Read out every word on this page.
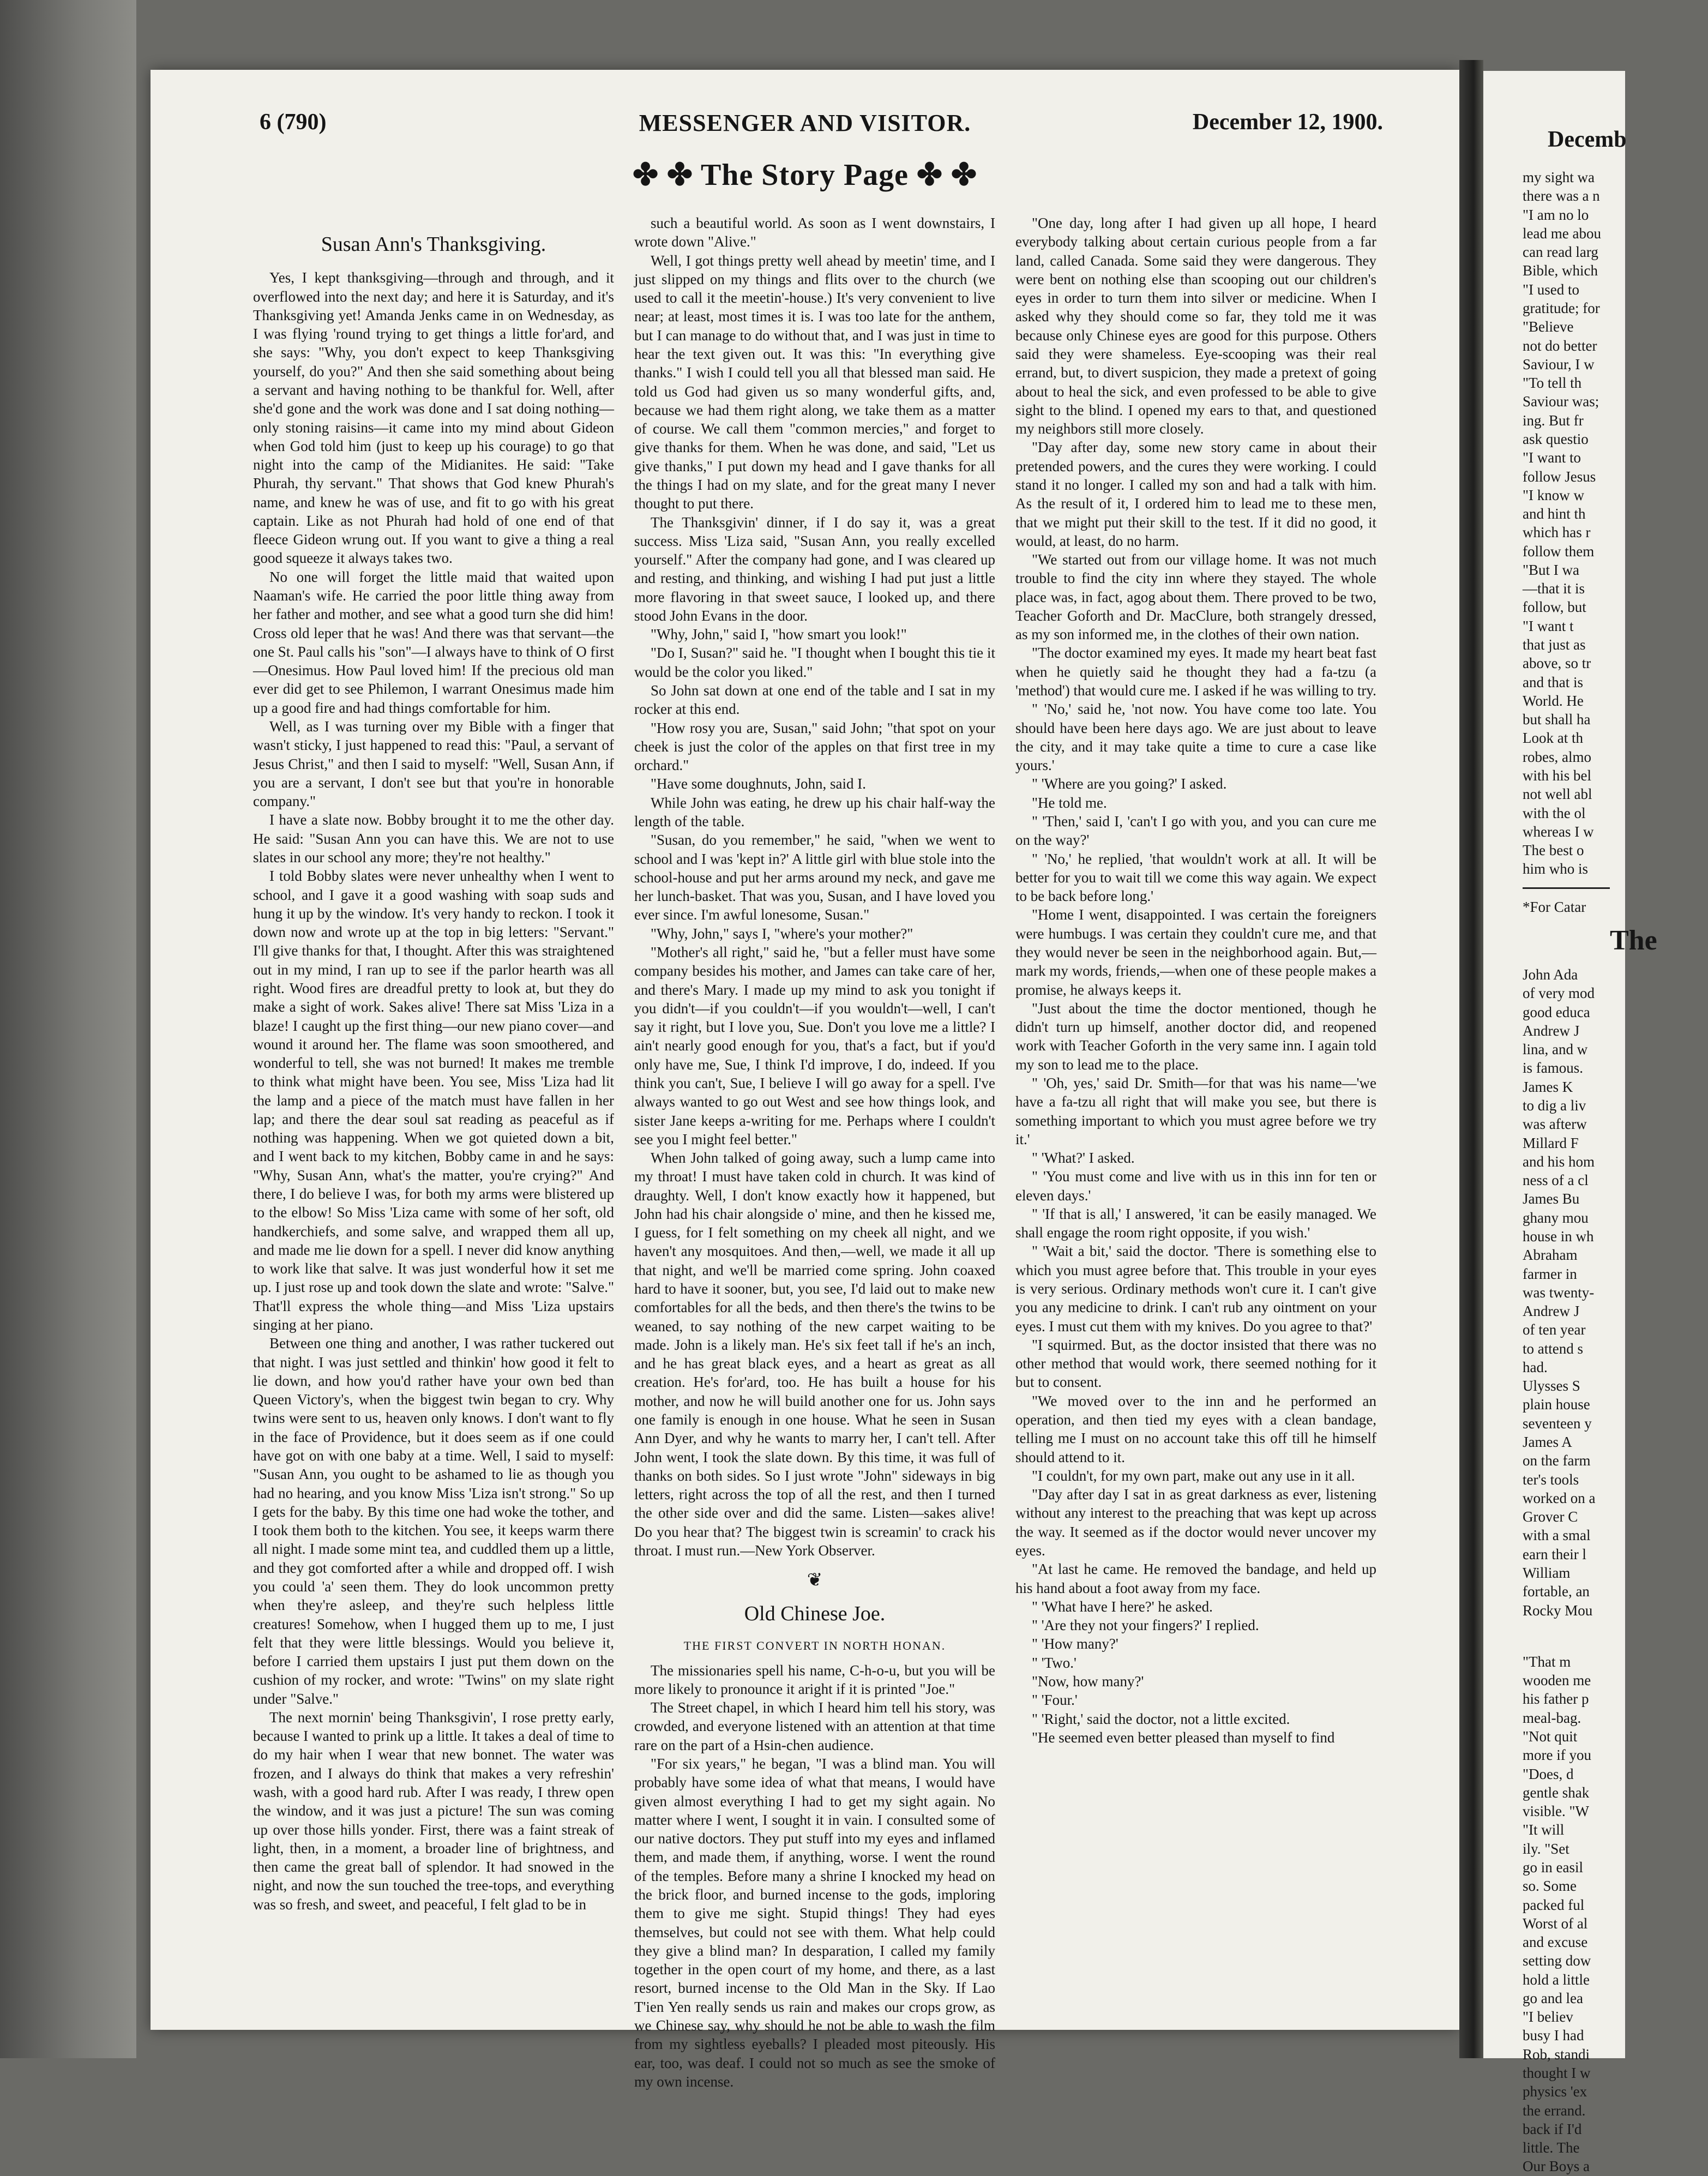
6 (790)	MESSENGER AND VISITOR.	December 12, 1900.
✤ ✤ The Story Page ✤ ✤
Susan Ann's Thanksgiving.

Yes, I kept thanksgiving—through and through, and it overflowed into the next day; and here it is Saturday, and it's Thanksgiving yet! Amanda Jenks came in on Wednesday, as I was flying 'round trying to get things a little for'ard, and she says: "Why, you don't expect to keep Thanksgiving yourself, do you?" And then she said something about being a servant and having nothing to be thankful for. Well, after she'd gone and the work was done and I sat doing nothing—only stoning raisins—it came into my mind about Gideon when God told him (just to keep up his courage) to go that night into the camp of the Midianites. He said: "Take Phurah, thy servant." That shows that God knew Phurah's name, and knew he was of use, and fit to go with his great captain. Like as not Phurah had hold of one end of that fleece Gideon wrung out. If you want to give a thing a real good squeeze it always takes two.

No one will forget the little maid that waited upon Naaman's wife. He carried the poor little thing away from her father and mother, and see what a good turn she did him! Cross old leper that he was! And there was that servant—the one St. Paul calls his "son"—I always have to think of O first—Onesimus. How Paul loved him! If the precious old man ever did get to see Philemon, I warrant Onesimus made him up a good fire and had things comfortable for him.

Well, as I was turning over my Bible with a finger that wasn't sticky, I just happened to read this: "Paul, a servant of Jesus Christ," and then I said to myself: "Well, Susan Ann, if you are a servant, I don't see but that you're in honorable company."

I have a slate now. Bobby brought it to me the other day. He said: "Susan Ann you can have this. We are not to use slates in our school any more; they're not healthy."

I told Bobby slates were never unhealthy when I went to school, and I gave it a good washing with soap suds and hung it up by the window. It's very handy to reckon. I took it down now and wrote up at the top in big letters: "Servant." I'll give thanks for that, I thought. After this was straightened out in my mind, I ran up to see if the parlor hearth was all right. Wood fires are dreadful pretty to look at, but they do make a sight of work. Sakes alive! There sat Miss 'Liza in a blaze! I caught up the first thing—our new piano cover—and wound it around her. The flame was soon smoothered, and wonderful to tell, she was not burned! It makes me tremble to think what might have been. You see, Miss 'Liza had lit the lamp and a piece of the match must have fallen in her lap; and there the dear soul sat reading as peaceful as if nothing was happening. When we got quieted down a bit, and I went back to my kitchen, Bobby came in and he says: "Why, Susan Ann, what's the matter, you're crying?" And there, I do believe I was, for both my arms were blistered up to the elbow! So Miss 'Liza came with some of her soft, old handkerchiefs, and some salve, and wrapped them all up, and made me lie down for a spell. I never did know anything to work like that salve. It was just wonderful how it set me up. I just rose up and took down the slate and wrote: "Salve." That'll express the whole thing—and Miss 'Liza upstairs singing at her piano.

Between one thing and another, I was rather tuckered out that night. I was just settled and thinkin' how good it felt to lie down, and how you'd rather have your own bed than Queen Victory's, when the biggest twin began to cry. Why twins were sent to us, heaven only knows. I don't want to fly in the face of Providence, but it does seem as if one could have got on with one baby at a time. Well, I said to myself: "Susan Ann, you ought to be ashamed to lie as though you had no hearing, and you know Miss 'Liza isn't strong." So up I gets for the baby. By this time one had woke the tother, and I took them both to the kitchen. You see, it keeps warm there all night. I made some mint tea, and cuddled them up a little, and they got comforted after a while and dropped off. I wish you could 'a' seen them. They do look uncommon pretty when they're asleep, and they're such helpless little creatures! Somehow, when I hugged them up to me, I just felt that they were little blessings. Would you believe it, before I carried them upstairs I just put them down on the cushion of my rocker, and wrote: "Twins" on my slate right under "Salve."

The next mornin' being Thanksgivin', I rose pretty early, because I wanted to prink up a little. It takes a deal of time to do my hair when I wear that new bonnet. The water was frozen, and I always do think that makes a very refreshin' wash, with a good hard rub. After I was ready, I threw open the window, and it was just a picture! The sun was coming up over those hills yonder. First, there was a faint streak of light, then, in a moment, a broader line of brightness, and then came the great ball of splendor. It had snowed in the night, and now the sun touched the tree-tops, and everything was so fresh, and sweet, and peaceful, I felt glad to be in

such a beautiful world. As soon as I went downstairs, I wrote down "Alive."

Well, I got things pretty well ahead by meetin' time, and I just slipped on my things and flits over to the church (we used to call it the meetin'-house.) It's very convenient to live near; at least, most times it is. I was too late for the anthem, but I can manage to do without that, and I was just in time to hear the text given out. It was this: "In everything give thanks." I wish I could tell you all that blessed man said. He told us God had given us so many wonderful gifts, and, because we had them right along, we take them as a matter of course. We call them "common mercies," and forget to give thanks for them. When he was done, and said, "Let us give thanks," I put down my head and I gave thanks for all the things I had on my slate, and for the great many I never thought to put there.

The Thanksgivin' dinner, if I do say it, was a great success. Miss 'Liza said, "Susan Ann, you really excelled yourself." After the company had gone, and I was cleared up and resting, and thinking, and wishing I had put just a little more flavoring in that sweet sauce, I looked up, and there stood John Evans in the door.

"Why, John," said I, "how smart you look!"

"Do I, Susan?" said he. "I thought when I bought this tie it would be the color you liked."

So John sat down at one end of the table and I sat in my rocker at this end.

"How rosy you are, Susan," said John; "that spot on your cheek is just the color of the apples on that first tree in my orchard."

"Have some doughnuts, John, said I.

While John was eating, he drew up his chair half-way the length of the table.

"Susan, do you remember," he said, "when we went to school and I was 'kept in?' A little girl with blue stole into the school-house and put her arms around my neck, and gave me her lunch-basket. That was you, Susan, and I have loved you ever since. I'm awful lonesome, Susan."

"Why, John," says I, "where's your mother?"

"Mother's all right," said he, "but a feller must have some company besides his mother, and James can take care of her, and there's Mary. I made up my mind to ask you tonight if you didn't—if you couldn't—if you wouldn't—well, I can't say it right, but I love you, Sue. Don't you love me a little? I ain't nearly good enough for you, that's a fact, but if you'd only have me, Sue, I think I'd improve, I do, indeed. If you think you can't, Sue, I believe I will go away for a spell. I've always wanted to go out West and see how things look, and sister Jane keeps a-writing for me. Perhaps where I couldn't see you I might feel better."

When John talked of going away, such a lump came into my throat! I must have taken cold in church. It was kind of draughty. Well, I don't know exactly how it happened, but John had his chair alongside o' mine, and then he kissed me, I guess, for I felt something on my cheek all night, and we haven't any mosquitoes. And then,—well, we made it all up that night, and we'll be married come spring. John coaxed hard to have it sooner, but, you see, I'd laid out to make new comfortables for all the beds, and then there's the twins to be weaned, to say nothing of the new carpet waiting to be made. John is a likely man. He's six feet tall if he's an inch, and he has great black eyes, and a heart as great as all creation. He's for'ard, too. He has built a house for his mother, and now he will build another one for us. John says one family is enough in one house. What he seen in Susan Ann Dyer, and why he wants to marry her, I can't tell. After John went, I took the slate down. By this time, it was full of thanks on both sides. So I just wrote "John" sideways in big letters, right across the top of all the rest, and then I turned the other side over and did the same. Listen—sakes alive! Do you hear that? The biggest twin is screamin' to crack his throat. I must run.—New York Observer.

❦
Old Chinese Joe.
THE FIRST CONVERT IN NORTH HONAN.

The missionaries spell his name, C-h-o-u, but you will be more likely to pronounce it aright if it is printed "Joe."

The Street chapel, in which I heard him tell his story, was crowded, and everyone listened with an attention at that time rare on the part of a Hsin-chen audience.

"For six years," he began, "I was a blind man. You will probably have some idea of what that means, I would have given almost everything I had to get my sight again. No matter where I went, I sought it in vain. I consulted some of our native doctors. They put stuff into my eyes and inflamed them, and made them, if anything, worse. I went the round of the temples. Before many a shrine I knocked my head on the brick floor, and burned incense to the gods, imploring them to give me sight. Stupid things! They had eyes themselves, but could not see with them. What help could they give a blind man? In desparation, I called my family together in the open court of my home, and there, as a last resort, burned incense to the Old Man in the Sky. If Lao T'ien Yen really sends us rain and makes our crops grow, as we Chinese say, why should he not be able to wash the film from my sightless eyeballs? I pleaded most piteously. His ear, too, was deaf. I could not so much as see the smoke of my own incense.

"One day, long after I had given up all hope, I heard everybody talking about certain curious people from a far land, called Canada. Some said they were dangerous. They were bent on nothing else than scooping out our children's eyes in order to turn them into silver or medicine. When I asked why they should come so far, they told me it was because only Chinese eyes are good for this purpose. Others said they were shameless. Eye-scooping was their real errand, but, to divert suspicion, they made a pretext of going about to heal the sick, and even professed to be able to give sight to the blind. I opened my ears to that, and questioned my neighbors still more closely.

"Day after day, some new story came in about their pretended powers, and the cures they were working. I could stand it no longer. I called my son and had a talk with him. As the result of it, I ordered him to lead me to these men, that we might put their skill to the test. If it did no good, it would, at least, do no harm.

"We started out from our village home. It was not much trouble to find the city inn where they stayed. The whole place was, in fact, agog about them. There proved to be two, Teacher Goforth and Dr. MacClure, both strangely dressed, as my son informed me, in the clothes of their own nation.

"The doctor examined my eyes. It made my heart beat fast when he quietly said he thought they had a fa-tzu (a 'method') that would cure me. I asked if he was willing to try.

" 'No,' said he, 'not now. You have come too late. You should have been here days ago. We are just about to leave the city, and it may take quite a time to cure a case like yours.'

" 'Where are you going?' I asked.

"He told me.

" 'Then,' said I, 'can't I go with you, and you can cure me on the way?'

" 'No,' he replied, 'that wouldn't work at all. It will be better for you to wait till we come this way again. We expect to be back before long.'

"Home I went, disappointed. I was certain the foreigners were humbugs. I was certain they couldn't cure me, and that they would never be seen in the neighborhood again. But,—mark my words, friends,—when one of these people makes a promise, he always keeps it.

"Just about the time the doctor mentioned, though he didn't turn up himself, another doctor did, and reopened work with Teacher Goforth in the very same inn. I again told my son to lead me to the place.

" 'Oh, yes,' said Dr. Smith—for that was his name—'we have a fa-tzu all right that will make you see, but there is something important to which you must agree before we try it.'

" 'What?' I asked.

" 'You must come and live with us in this inn for ten or eleven days.'

" 'If that is all,' I answered, 'it can be easily managed. We shall engage the room right opposite, if you wish.'

" 'Wait a bit,' said the doctor. 'There is something else to which you must agree before that. This trouble in your eyes is very serious. Ordinary methods won't cure it. I can't give you any medicine to drink. I can't rub any ointment on your eyes. I must cut them with my knives. Do you agree to that?'

"I squirmed. But, as the doctor insisted that there was no other method that would work, there seemed nothing for it but to consent.

"We moved over to the inn and he performed an operation, and then tied my eyes with a clean bandage, telling me I must on no account take this off till he himself should attend to it.

"I couldn't, for my own part, make out any use in it all.

"Day after day I sat in as great darkness as ever, listening without any interest to the preaching that was kept up across the way. It seemed as if the doctor would never uncover my eyes.

"At last he came. He removed the bandage, and held up his hand about a foot away from my face.

" 'What have I here?' he asked.

" 'Are they not your fingers?' I replied.

" 'How many?'

" 'Two.'

"Now, how many?'

" 'Four.'

" 'Right,' said the doctor, not a little excited.

"He seemed even better pleased than myself to find

Decemb

my sight wa

there was a n

"I am no lo

lead me abou

can read larg

Bible, which

"I used to

gratitude; for

"Believe

not do better

Saviour, I w

"To tell th

Saviour was;

ing. But fr

ask questio

"I want to

follow Jesus

"I know w

and hint th

which has r

follow them

"But I wa

—that it is

follow, but

"I want t

that just as

above, so tr

and that is

World. He

but shall ha

Look at th

robes, almo

with his bel

not well abl

with the ol

whereas I w

The best o

him who is

*For Catar

The

John Ada

of very mod

good educa

Andrew J

lina, and w

is famous.

James K

to dig a liv

was afterw

Millard F

and his hom

ness of a cl

James Bu

ghany mou

house in wh

Abraham

farmer in

was twenty-

Andrew J

of ten year

to attend s

had.

Ulysses S

plain house

seventeen y

James A

on the farm

ter's tools

worked on a

Grover C

with a smal

earn their l

William

fortable, an

Rocky Mou

"That m

wooden me

his father p

meal-bag.

"Not quit

more if you

"Does, d

gentle shak

visible. "W

"It will

ily. "Set

go in easil

so. Some

packed ful

Worst of al

and excuse

setting dow

hold a little

go and lea

"I believ

busy I had

Rob, standi

thought I w

physics 'ex

the errand.

back if I'd

little. The

Our Boys a
